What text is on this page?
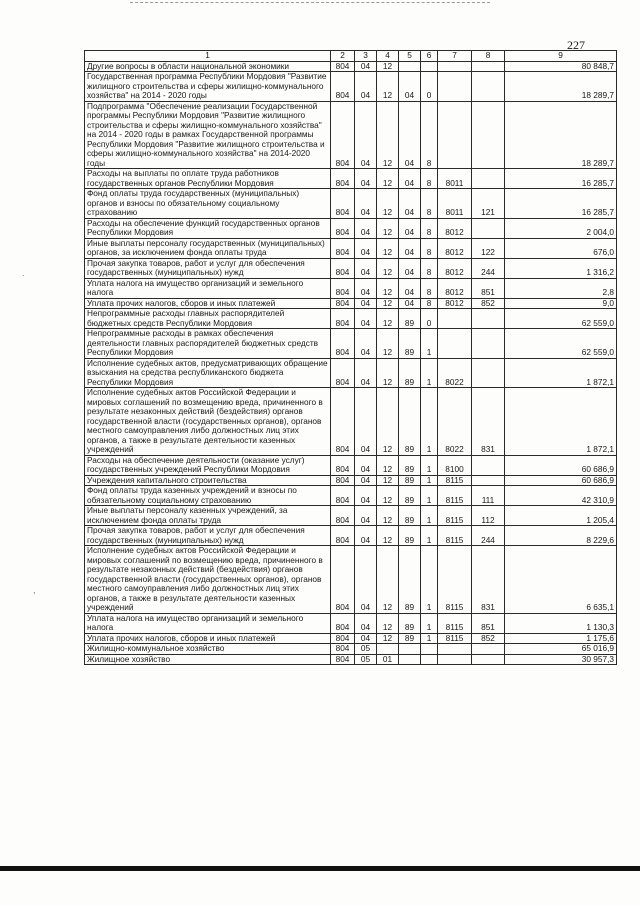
227
.
,
1	2	3	4	5	6	7	8	9
Другие вопросы в области национальной экономики	804	04	12					80 848,7
Государственная программа Республики Мордовия "Развитие жилищного строительства и сферы жилищно-коммунального хозяйства" на 2014 - 2020 годы	804	04	12	04	0			18 289,7
Подпрограмма "Обеспечение реализации Государственной программы Республики Мордовия "Развитие жилищного строительства и сферы жилищно-коммунального хозяйства" на 2014 - 2020 годы в рамках Государственной программы Республики Мордовия "Развитие жилищного строительства и сферы жилищно-коммунального хозяйства" на 2014-2020 годы	804	04	12	04	8			18 289,7
Расходы на выплаты по оплате труда работников государственных органов Республики Мордовия	804	04	12	04	8	8011		16 285,7
Фонд оплаты труда государственных (муниципальных) органов и взносы по обязательному социальному страхованию	804	04	12	04	8	8011	121	16 285,7
Расходы на обеспечение функций государственных органов Республики Мордовия	804	04	12	04	8	8012		2 004,0
Иные выплаты персоналу государственных (муниципальных) органов, за исключением фонда оплаты труда	804	04	12	04	8	8012	122	676,0
Прочая закупка товаров, работ и услуг для обеспечения государственных (муниципальных) нужд	804	04	12	04	8	8012	244	1 316,2
Уплата налога на имущество организаций и земельного налога	804	04	12	04	8	8012	851	2,8
Уплата прочих налогов, сборов и иных платежей	804	04	12	04	8	8012	852	9,0
Непрограммные расходы главных распорядителей бюджетных средств Республики Мордовия	804	04	12	89	0			62 559,0
Непрограммные расходы в рамках обеспечения деятельности главных распорядителей бюджетных средств Республики Мордовия	804	04	12	89	1			62 559,0
Исполнение судебных актов, предусматривающих обращение взыскания на средства республиканского бюджета Республики Мордовия	804	04	12	89	1	8022		1 872,1
Исполнение судебных актов Российской Федерации и мировых соглашений по возмещению вреда, причиненного в результате незаконных действий (бездействия) органов государственной власти (государственных органов), органов местного самоуправления либо должностных лиц этих органов, а также в результате деятельности казенных учреждений	804	04	12	89	1	8022	831	1 872,1
Расходы на обеспечение деятельности (оказание услуг) государственных учреждений Республики Мордовия	804	04	12	89	1	8100		60 686,9
Учреждения капитального строительства	804	04	12	89	1	8115		60 686,9
Фонд оплаты труда казенных учреждений и взносы по обязательному социальному страхованию	804	04	12	89	1	8115	111	42 310,9
Иные выплаты персоналу казенных учреждений, за исключением фонда оплаты труда	804	04	12	89	1	8115	112	1 205,4
Прочая закупка товаров, работ и услуг для обеспечения государственных (муниципальных) нужд	804	04	12	89	1	8115	244	8 229,6
Исполнение судебных актов Российской Федерации и мировых соглашений по возмещению вреда, причиненного в результате незаконных действий (бездействия) органов государственной власти (государственных органов), органов местного самоуправления либо должностных лиц этих органов, а также в результате деятельности казенных учреждений	804	04	12	89	1	8115	831	6 635,1
Уплата налога на имущество организаций и земельного налога	804	04	12	89	1	8115	851	1 130,3
Уплата прочих налогов, сборов и иных платежей	804	04	12	89	1	8115	852	1 175,6
Жилищно-коммунальное хозяйство	804	05						65 016,9
Жилищное хозяйство	804	05	01					30 957,3
